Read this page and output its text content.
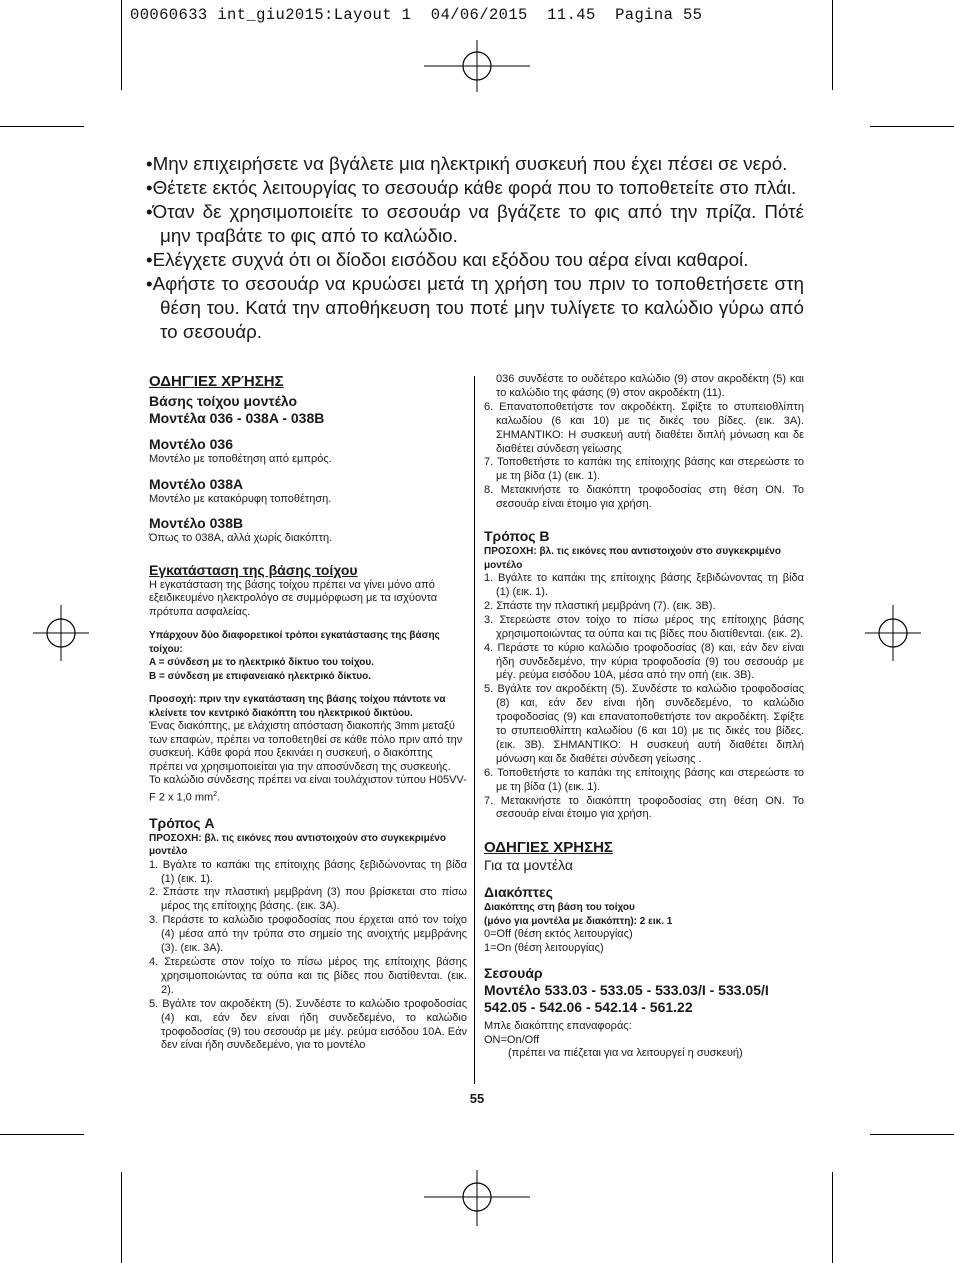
00060633 int_giu2015:Layout 1  04/06/2015  11.45  Pagina 55

•Μην επιχειρήσετε να βγάλετε μια ηλεκτρική συσκευή που έχει πέσει σε νερό.

•Θέτετε εκτός λειτουργίας το σεσουάρ κάθε φορά που το τοποθετείτε στο πλάι.

•Όταν δε χρησιμοποιείτε το σεσουάρ να βγάζετε το φις από την πρίζα. Πότέ μην τραβάτε το φις από το καλώδιο.

•Ελέγχετε συχνά ότι οι δίοδοι εισόδου και εξόδου του αέρα είναι καθαροί.

•Αφήστε το σεσουάρ να κρυώσει μετά τη χρήση του πριν το τοποθετήσετε στη θέση του. Κατά την αποθήκευση του ποτέ μην τυλίγετε το καλώδιο γύρω από το σεσουάρ.

ΟΔΗΓΊΕΣ ΧΡΉΣΗΣ

Βάσης τοίχου μοντέλο

Μοντέλα 036 - 038A - 038B

Μοντέλο 036

Μοντέλο με τοποθέτηση από εμπρός.

Μοντέλο 038A

Μοντέλο με κατακόρυφη τοποθέτηση.

Μοντέλο 038B

Όπως το 038A, αλλά χωρίς διακόπτη.

Εγκατάσταση της βάσης τοίχου

Η εγκατάσταση της βάσης τοίχου πρέπει να γίνει μόνο από εξειδικευμένο ηλεκτρολόγο σε συμμόρφωση με τα ισχύοντα πρότυπα ασφαλείας.

Υπάρχουν δύο διαφορετικοί τρόποι εγκατάστασης της βάσης τοίχου:

A = σύνδεση με το ηλεκτρικό δίκτυο του τοίχου.

B = σύνδεση με επιφανειακό ηλεκτρικό δίκτυο.

Προσοχή: πριν την εγκατάσταση της βάσης τοίχου πάντοτε να κλείνετε τον κεντρικό διακόπτη του ηλεκτρικού δικτύου.

Ένας διακόπτης, με ελάχιστη απόσταση διακοπής 3mm μεταξύ των επαφών, πρέπει να τοποθετηθεί σε κάθε πόλο πριν από την συσκευή. Κάθε φορά που ξεκινάει η συσκευή, ο διακόπτης πρέπει να χρησιμοποιείται για την αποσύνδεση της συσκευής.

Το καλώδιο σύνδεσης πρέπει να είναι τουλάχιστον τύπου H05VV-F 2 x 1,0 $mm^2$.

Τρόπος A

ΠΡΟΣΟΧΗ: βλ. τις εικόνες που αντιστοιχούν στο συγκεκριμένο μοντέλο

1. Βγάλτε το καπάκι της επίτοιχης βάσης ξεβιδώνοντας τη βίδα (1) (εικ. 1).
2. Σπάστε την πλαστική μεμβράνη (3) που βρίσκεται στο πίσω μέρος της επίτοιχης βάσης. (εικ. 3A).
3. Περάστε το καλώδιο τροφοδοσίας που έρχεται από τον τοίχο (4) μέσα από την τρύπα στο σημείο της ανοιχτής μεμβράνης (3). (εικ. 3A).
4. Στερεώστε στον τοίχο το πίσω μέρος της επίτοιχης βάσης χρησιμοποιώντας τα ούπα και τις βίδες που διατίθενται. (εικ. 2).
5. Βγάλτε τον ακροδέκτη (5). Συνδέστε το καλώδιο τροφοδοσίας (4) και, εάν δεν είναι ήδη συνδεδεμένο, το καλώδιο τροφοδοσίας (9) του σεσουάρ με μέγ. ρεύμα εισόδου 10A. Εάν δεν είναι ήδη συνδεδεμένο, για το μοντέλο
036 συνδέστε το ουδέτερο καλώδιο (9) στον ακροδέκτη (5) και το καλώδιο της φάσης (9) στον ακροδέκτη (11).
6. Επανατοποθετήστε τον ακροδέκτη. Σφίξτε το στυπειοθλίπτη καλωδίου (6 και 10) με τις δικές του βίδες. (εικ. 3A). ΣΗΜΑΝΤΙΚΟ: Η συσκευή αυτή διαθέτει διπλή μόνωση και δε διαθέτει σύνδεση γείωσης
7. Τοποθετήστε το καπάκι της επίτοιχης βάσης και στερεώστε το με τη βίδα (1) (εικ. 1).
8. Μετακινήστε το διακόπτη τροφοδοσίας στη θέση ON. Το σεσουάρ είναι έτοιμο για χρήση.

Τρόπος B

ΠΡΟΣΟΧΗ: βλ. τις εικόνες που αντιστοιχούν στο συγκεκριμένο μοντέλο

1. Βγάλτε το καπάκι της επίτοιχης βάσης ξεβιδώνοντας τη βίδα (1) (εικ. 1).
2. Σπάστε την πλαστική μεμβράνη (7). (εικ. 3B).
3. Στερεώστε στον τοίχο το πίσω μέρος της επίτοιχης βάσης χρησιμοποιώντας τα ούπα και τις βίδες που διατίθενται. (εικ. 2).
4. Περάστε το κύριο καλώδιο τροφοδοσίας (8) και, εάν δεν είναι ήδη συνδεδεμένο, την κύρια τροφοδοσία (9) του σεσουάρ με μέγ. ρεύμα εισόδου 10A, μέσα από την οπή (εικ. 3B).
5. Βγάλτε τον ακροδέκτη (5). Συνδέστε το καλώδιο τροφοδοσίας (8) και, εάν δεν είναι ήδη συνδεδεμένο, το καλώδιο τροφοδοσίας (9) και επανατοποθετήστε τον ακροδέκτη. Σφίξτε το στυπειοθλίπτη καλωδίου (6 και 10) με τις δικές του βίδες. (εικ. 3B). ΣΗΜΑΝΤΙΚΟ: Η συσκευή αυτή διαθέτει διπλή μόνωση και δε διαθέτει σύνδεση γείωσης .
6. Τοποθετήστε το καπάκι της επίτοιχης βάσης και στερεώστε το με τη βίδα (1) (εικ. 1).
7. Μετακινήστε το διακόπτη τροφοδοσίας στη θέση ON. Το σεσουάρ είναι έτοιμο για χρήση.

ΟΔΗΓΙΕΣ ΧΡΗΣΗΣ

Για τα μοντέλα

Διακόπτες

Διακόπτης στη βάση του τοίχου

(μόνο για μοντέλα με διακόπτη): 2 εικ. 1

0=Off (θέση εκτός λειτουργίας)

1=On (θέση λειτουργίας)

Σεσουάρ

Μοντέλο 533.03 - 533.05 - 533.03/I - 533.05/I 542.05 - 542.06 - 542.14 - 561.22

Μπλε διακόπτης επαναφοράς:

ON=On/Off

(πρέπει να πιέζεται για να λειτουργεί η συσκευή)

55
